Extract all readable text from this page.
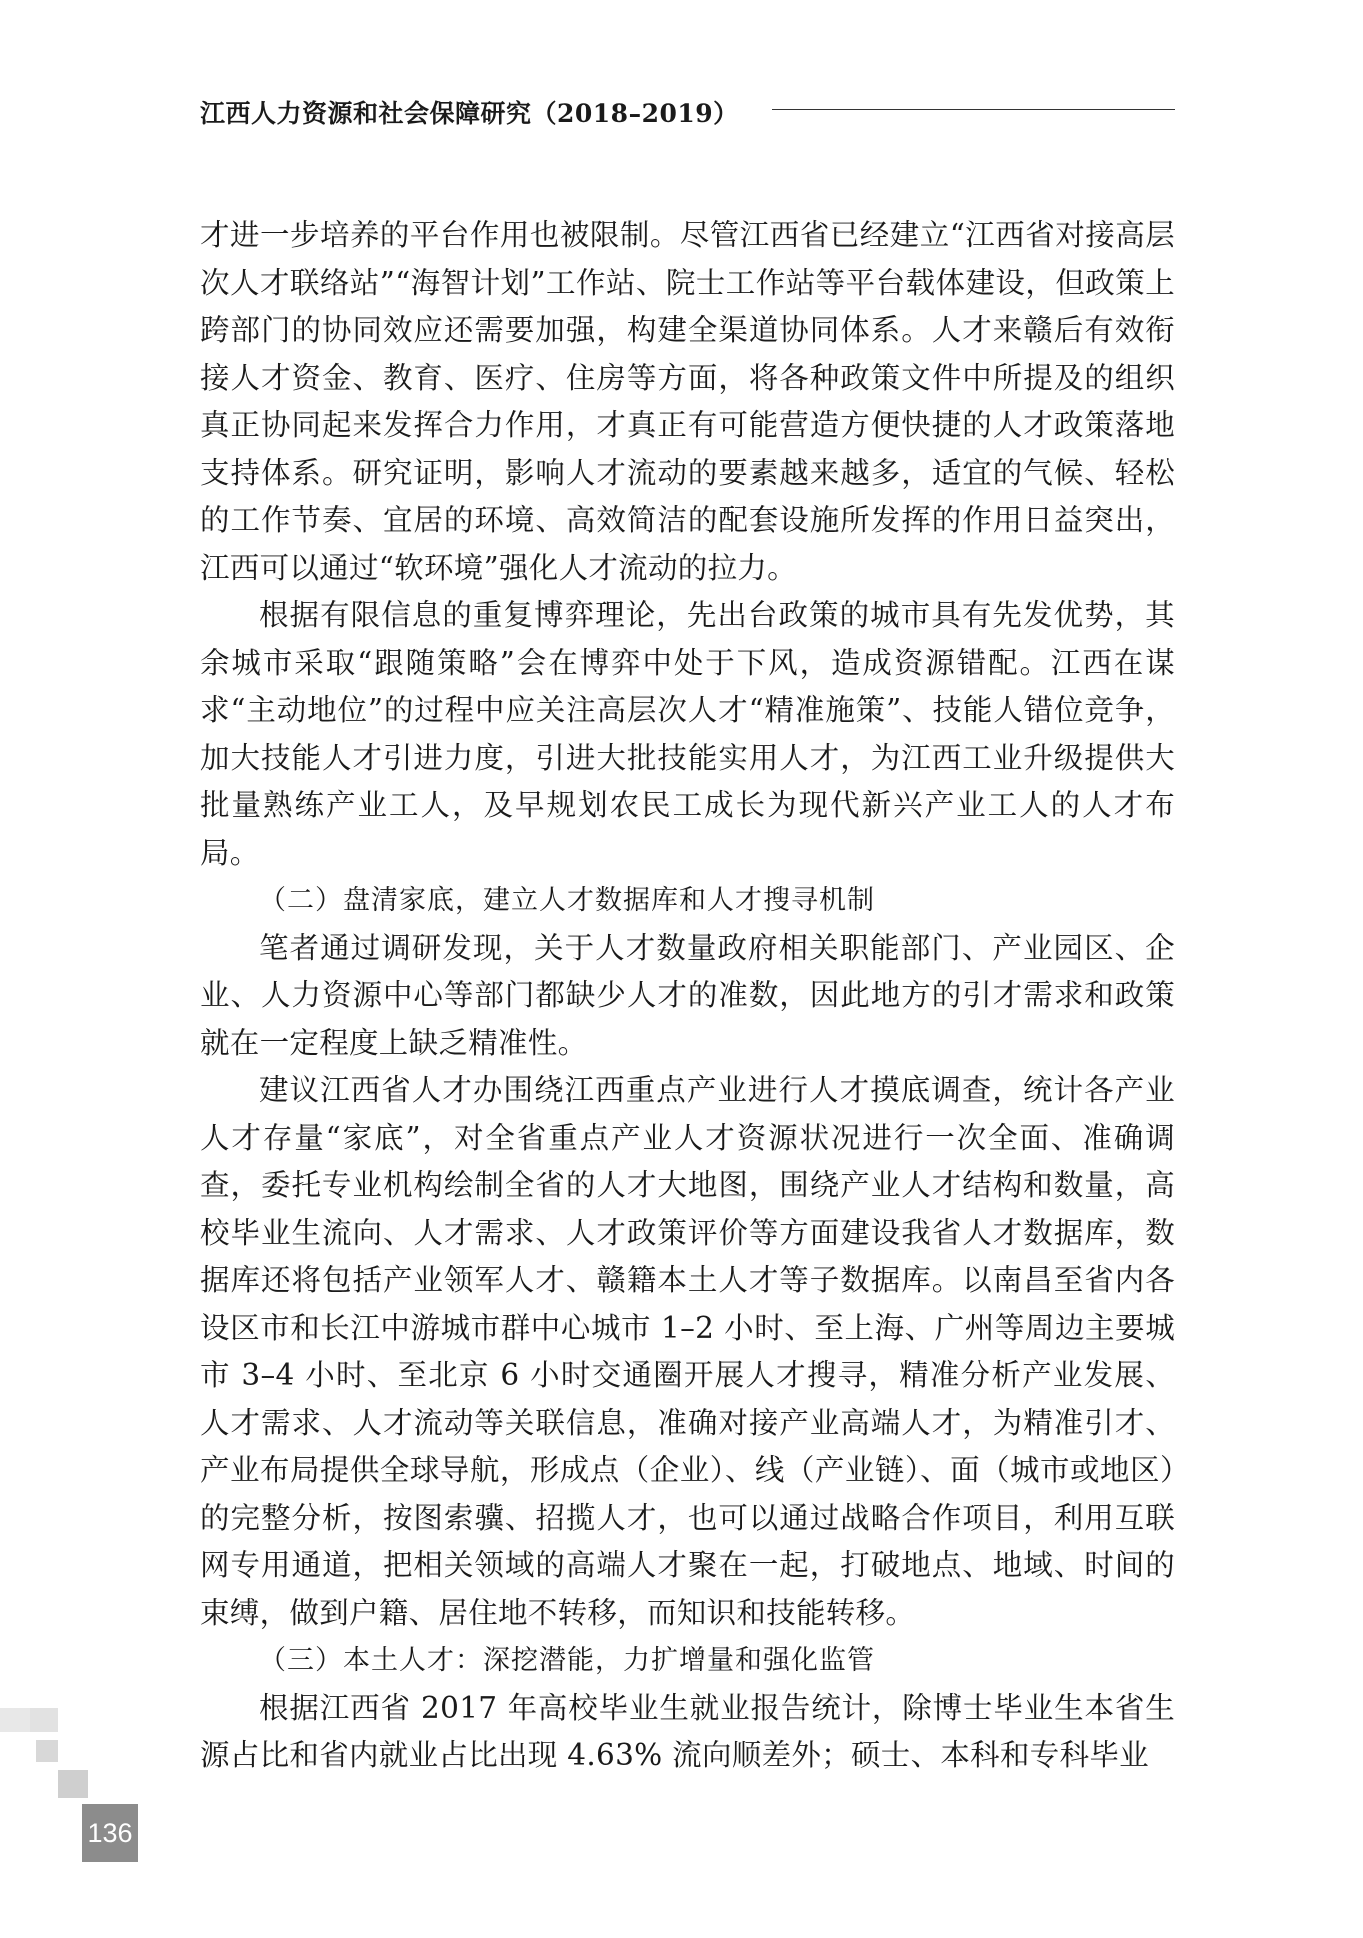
江西人力资源和社会保障研究（2018–2019）

才进一步培养的平台作用也被限制。尽管江西省已经建立“江西省对接高层次人才联络站”“海智计划”工作站、院士工作站等平台载体建设，但政策上跨部门的协同效应还需要加强，构建全渠道协同体系。人才来赣后有效衔接人才资金、教育、医疗、住房等方面，将各种政策文件中所提及的组织真正协同起来发挥合力作用，才真正有可能营造方便快捷的人才政策落地支持体系。研究证明，影响人才流动的要素越来越多，适宜的气候、轻松的工作节奏、宜居的环境、高效简洁的配套设施所发挥的作用日益突出，江西可以通过“软环境”强化人才流动的拉力。

根据有限信息的重复博弈理论，先出台政策的城市具有先发优势，其余城市采取“跟随策略”会在博弈中处于下风，造成资源错配。江西在谋求“主动地位”的过程中应关注高层次人才“精准施策”、技能人错位竞争，加大技能人才引进力度，引进大批技能实用人才，为江西工业升级提供大批量熟练产业工人，及早规划农民工成长为现代新兴产业工人的人才布局。

（二）盘清家底，建立人才数据库和人才搜寻机制

笔者通过调研发现，关于人才数量政府相关职能部门、产业园区、企业、人力资源中心等部门都缺少人才的准数，因此地方的引才需求和政策就在一定程度上缺乏精准性。

建议江西省人才办围绕江西重点产业进行人才摸底调查，统计各产业人才存量“家底”，对全省重点产业人才资源状况进行一次全面、准确调查，委托专业机构绘制全省的人才大地图，围绕产业人才结构和数量，高校毕业生流向、人才需求、人才政策评价等方面建设我省人才数据库，数据库还将包括产业领军人才、赣籍本土人才等子数据库。以南昌至省内各设区市和长江中游城市群中心城市 1–2 小时、至上海、广州等周边主要城市 3–4 小时、至北京 6 小时交通圈开展人才搜寻，精准分析产业发展、人才需求、人才流动等关联信息，准确对接产业高端人才，为精准引才、产业布局提供全球导航，形成点（企业）、线（产业链）、面（城市或地区）的完整分析，按图索骥、招揽人才，也可以通过战略合作项目，利用互联网专用通道，把相关领域的高端人才聚在一起，打破地点、地域、时间的束缚，做到户籍、居住地不转移，而知识和技能转移。

（三）本土人才：深挖潜能，力扩增量和强化监管

根据江西省 2017 年高校毕业生就业报告统计，除博士毕业生本省生源占比和省内就业占比出现 4.63% 流向顺差外；硕士、本科和专科毕业

136
